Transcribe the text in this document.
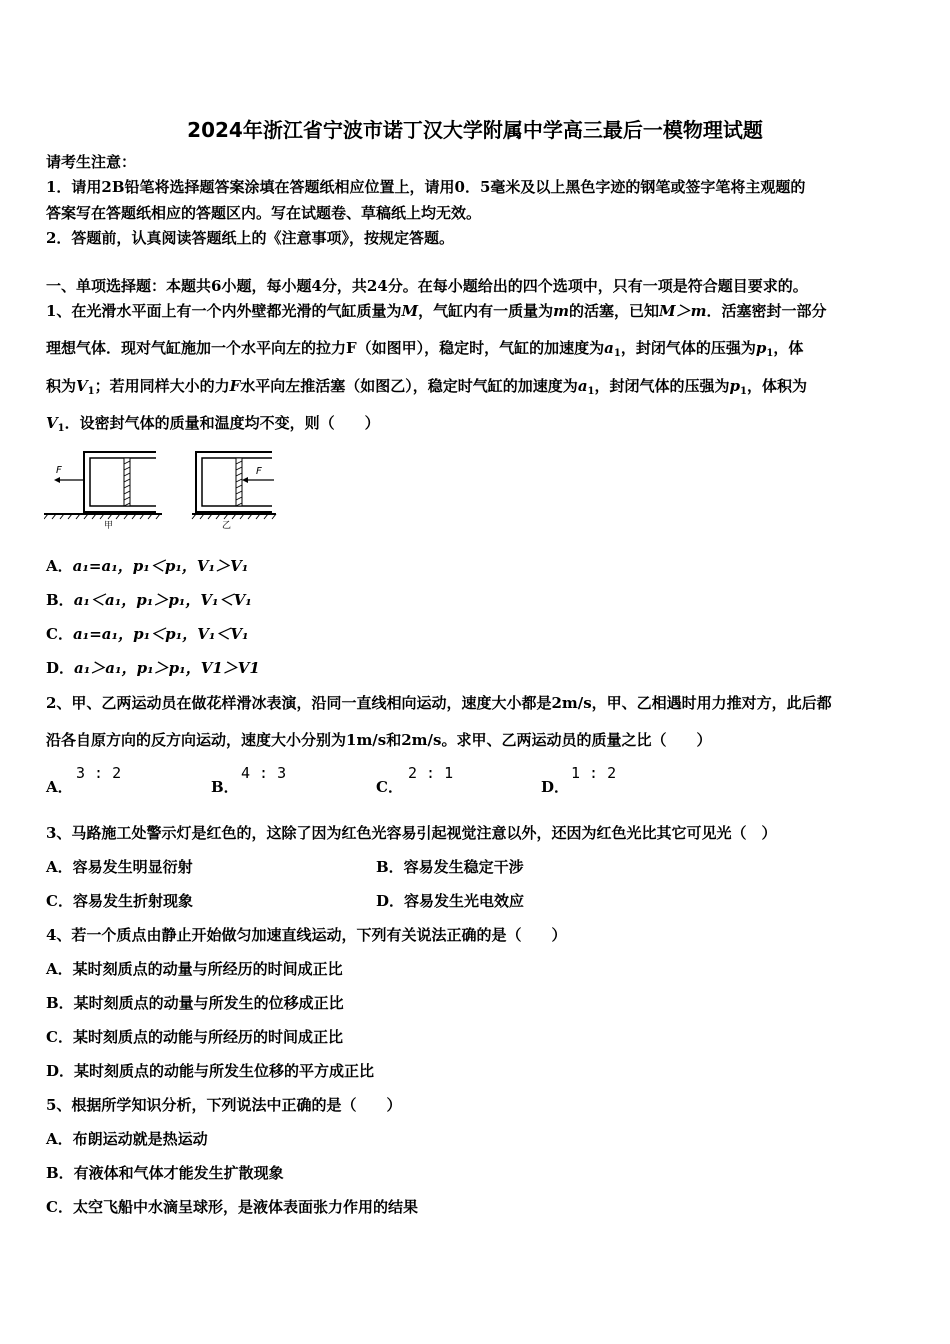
2024年浙江省宁波市诺丁汉大学附属中学高三最后一模物理试题
请考生注意：
1．请用2B铅笔将选择题答案涂填在答题纸相应位置上，请用0．5毫米及以上黑色字迹的钢笔或签字笔将主观题的
答案写在答题纸相应的答题区内。写在试题卷、草稿纸上均无效。
2．答题前，认真阅读答题纸上的《注意事项》，按规定答题。
一、单项选择题：本题共6小题，每小题4分，共24分。在每小题给出的四个选项中，只有一项是符合题目要求的。
1、在光滑水平面上有一个内外壁都光滑的气缸质量为M，气缸内有一质量为m的活塞，已知M＞m．活塞密封一部分
理想气体．现对气缸施加一个水平向左的拉力F（如图甲），稳定时，气缸的加速度为$a_1$，封闭气体的压强为$p_1$，体
积为$V_1$；若用同样大小的力F水平向左推活塞（如图乙），稳定时气缸的加速度为$a_1$，封闭气体的压强为$p_1$，体积为
$V_1$．设密封气体的质量和温度均不变，则（　　）
F
甲
F
乙
A．a₁=a₁，p₁＜p₁，V₁＞V₁
B．a₁＜a₁，p₁＞p₁，V₁＜V₁
C．a₁=a₁，p₁＜p₁，V₁＜V₁
D．a₁＞a₁，p₁＞p₁，V1＞V1
2、甲、乙两运动员在做花样滑冰表演，沿同一直线相向运动，速度大小都是2m/s，甲、乙相遇时用力推对方，此后都
沿各自原方向的反方向运动，速度大小分别为1m/s和2m/s。求甲、乙两运动员的质量之比（　　）
A．
3 : 2
B．
4 : 3
C．
2 : 1
D．
1 : 2
3、马路施工处警示灯是红色的，这除了因为红色光容易引起视觉注意以外，还因为红色光比其它可见光（　）
A．容易发生明显衍射	B．容易发生稳定干涉
C．容易发生折射现象	D．容易发生光电效应
4、若一个质点由静止开始做匀加速直线运动，下列有关说法正确的是（　　）
A．某时刻质点的动量与所经历的时间成正比
B．某时刻质点的动量与所发生的位移成正比
C．某时刻质点的动能与所经历的时间成正比
D．某时刻质点的动能与所发生位移的平方成正比
5、根据所学知识分析，下列说法中正确的是（　　）
A．布朗运动就是热运动
B．有液体和气体才能发生扩散现象
C．太空飞船中水滴呈球形，是液体表面张力作用的结果
